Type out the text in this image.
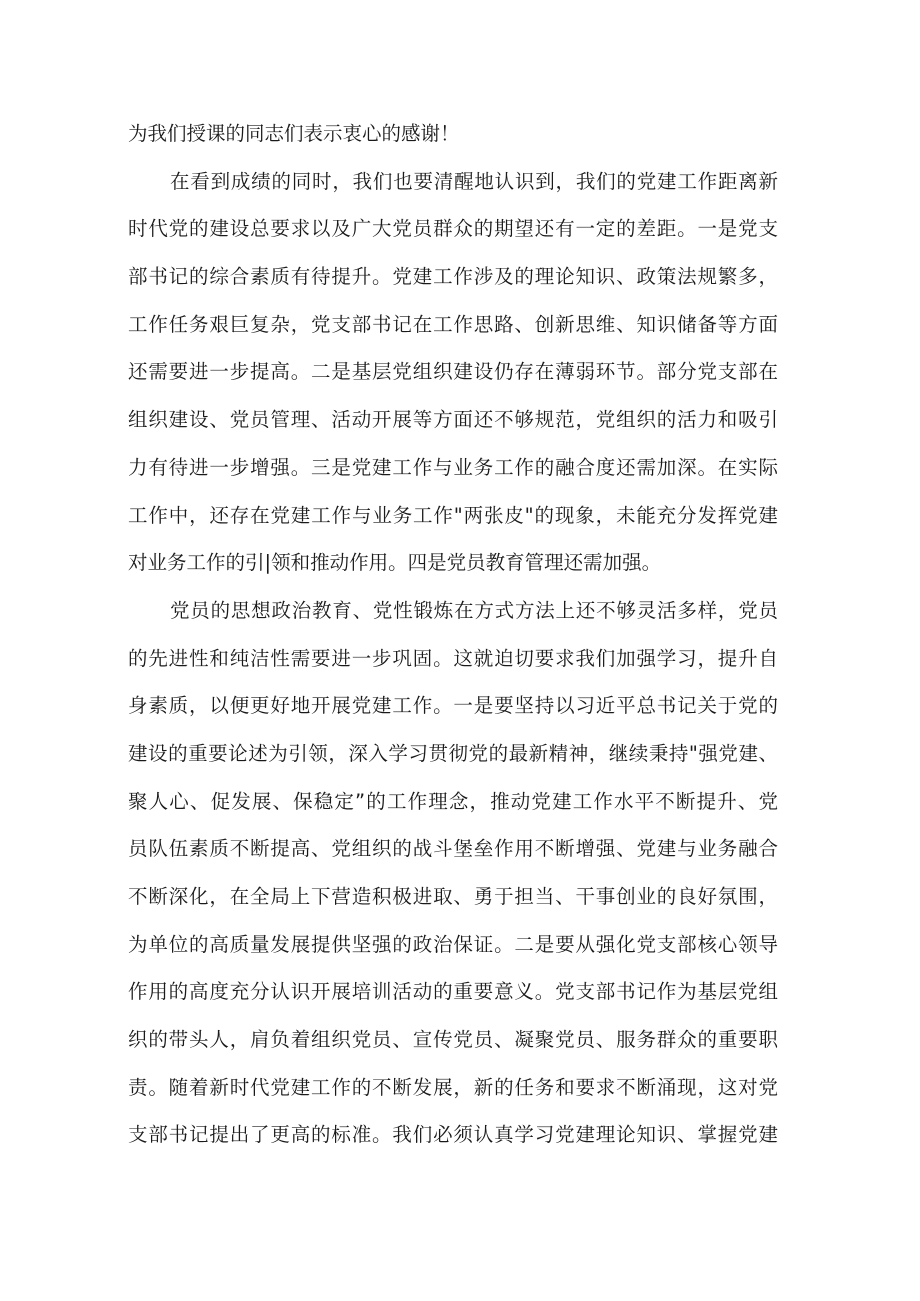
为我们授课的同志们表示衷心的感谢！
在看到成绩的同时，我们也要清醒地认识到，我们的党建工作距离新
时代党的建设总要求以及广大党员群众的期望还有一定的差距。一是党支
部书记的综合素质有待提升。党建工作涉及的理论知识、政策法规繁多，
工作任务艰巨复杂，党支部书记在工作思路、创新思维、知识储备等方面
还需要进一步提高。二是基层党组织建设仍存在薄弱环节。部分党支部在
组织建设、党员管理、活动开展等方面还不够规范，党组织的活力和吸引
力有待进一步增强。三是党建工作与业务工作的融合度还需加深。在实际
工作中，还存在党建工作与业务工作"两张皮"的现象，未能充分发挥党建
对业务工作的引|领和推动作用。四是党员教育管理还需加强。
党员的思想政治教育、党性锻炼在方式方法上还不够灵活多样，党员
的先进性和纯洁性需要进一步巩固。这就迫切要求我们加强学习，提升自
身素质，以便更好地开展党建工作。一是要坚持以习近平总书记关于党的
建设的重要论述为引领，深入学习贯彻党的最新精神，继续秉持"强党建、
聚人心、促发展、保稳定”的工作理念，推动党建工作水平不断提升、党
员队伍素质不断提高、党组织的战斗堡垒作用不断增强、党建与业务融合
不断深化，在全局上下营造积极进取、勇于担当、干事创业的良好氛围，
为单位的高质量发展提供坚强的政治保证。二是要从强化党支部核心领导
作用的高度充分认识开展培训活动的重要意义。党支部书记作为基层党组
织的带头人，肩负着组织党员、宣传党员、凝聚党员、服务群众的重要职
责。随着新时代党建工作的不断发展，新的任务和要求不断涌现，这对党
支部书记提出了更高的标准。我们必须认真学习党建理论知识、掌握党建
